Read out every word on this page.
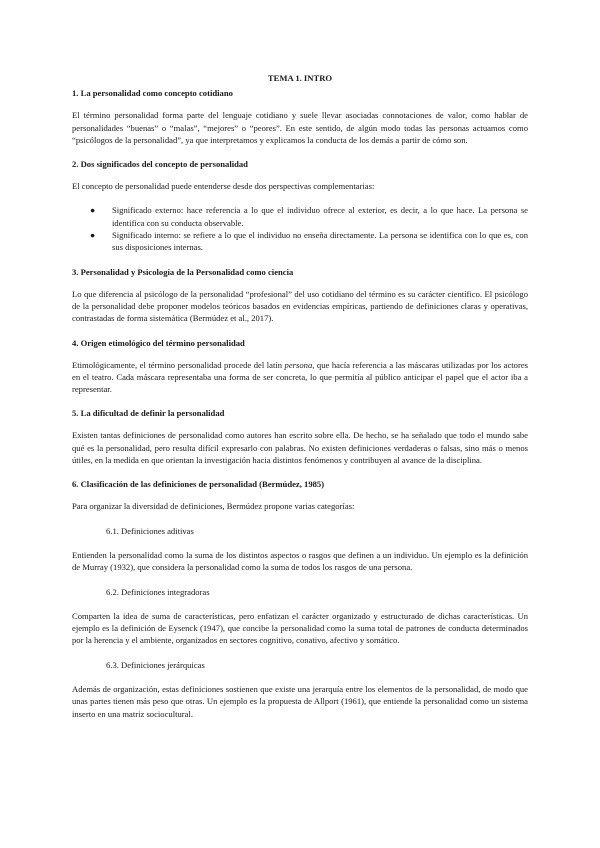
TEMA 1. INTRO
1. La personalidad como concepto cotidiano

El término personalidad forma parte del lenguaje cotidiano y suele llevar asociadas connotaciones de valor, como hablar de personalidades “buenas” o “malas”, “mejores” o “peores”. En este sentido, de algún modo todas las personas actuamos como “psicólogos de la personalidad”, ya que interpretamos y explicamos la conducta de los demás a partir de cómo son.

2. Dos significados del concepto de personalidad

El concepto de personalidad puede entenderse desde dos perspectivas complementarias:

● Significado externo: hace referencia a lo que el individuo ofrece al exterior, es decir, a lo que hace. La persona se identifica con su conducta observable.
● Significado interno: se refiere a lo que el individuo no enseña directamente. La persona se identifica con lo que es, con sus disposiciones internas.
3. Personalidad y Psicología de la Personalidad como ciencia

Lo que diferencia al psicólogo de la personalidad “profesional” del uso cotidiano del término es su carácter científico. El psicólogo de la personalidad debe proponer modelos teóricos basados en evidencias empíricas, partiendo de definiciones claras y operativas, contrastadas de forma sistemática (Bermúdez et al., 2017).

4. Origen etimológico del término personalidad

Etimológicamente, el término personalidad procede del latín persona, que hacía referencia a las máscaras utilizadas por los actores en el teatro. Cada máscara representaba una forma de ser concreta, lo que permitía al público anticipar el papel que el actor iba a representar.

5. La dificultad de definir la personalidad

Existen tantas definiciones de personalidad como autores han escrito sobre ella. De hecho, se ha señalado que todo el mundo sabe qué es la personalidad, pero resulta difícil expresarlo con palabras. No existen definiciones verdaderas o falsas, sino más o menos útiles, en la medida en que orientan la investigación hacia distintos fenómenos y contribuyen al avance de la disciplina.

6. Clasificación de las definiciones de personalidad (Bermúdez, 1985)

Para organizar la diversidad de definiciones, Bermúdez propone varias categorías:

6.1. Definiciones aditivas

Entienden la personalidad como la suma de los distintos aspectos o rasgos que definen a un individuo. Un ejemplo es la definición de Murray (1932), que considera la personalidad como la suma de todos los rasgos de una persona.

6.2. Definiciones integradoras

Comparten la idea de suma de características, pero enfatizan el carácter organizado y estructurado de dichas características. Un ejemplo es la definición de Eysenck (1947), que concibe la personalidad como la suma total de patrones de conducta determinados por la herencia y el ambiente, organizados en sectores cognitivo, conativo, afectivo y somático.

6.3. Definiciones jerárquicas

Además de organización, estas definiciones sostienen que existe una jerarquía entre los elementos de la personalidad, de modo que unas partes tienen más peso que otras. Un ejemplo es la propuesta de Allport (1961), que entiende la personalidad como un sistema inserto en una matriz sociocultural.
